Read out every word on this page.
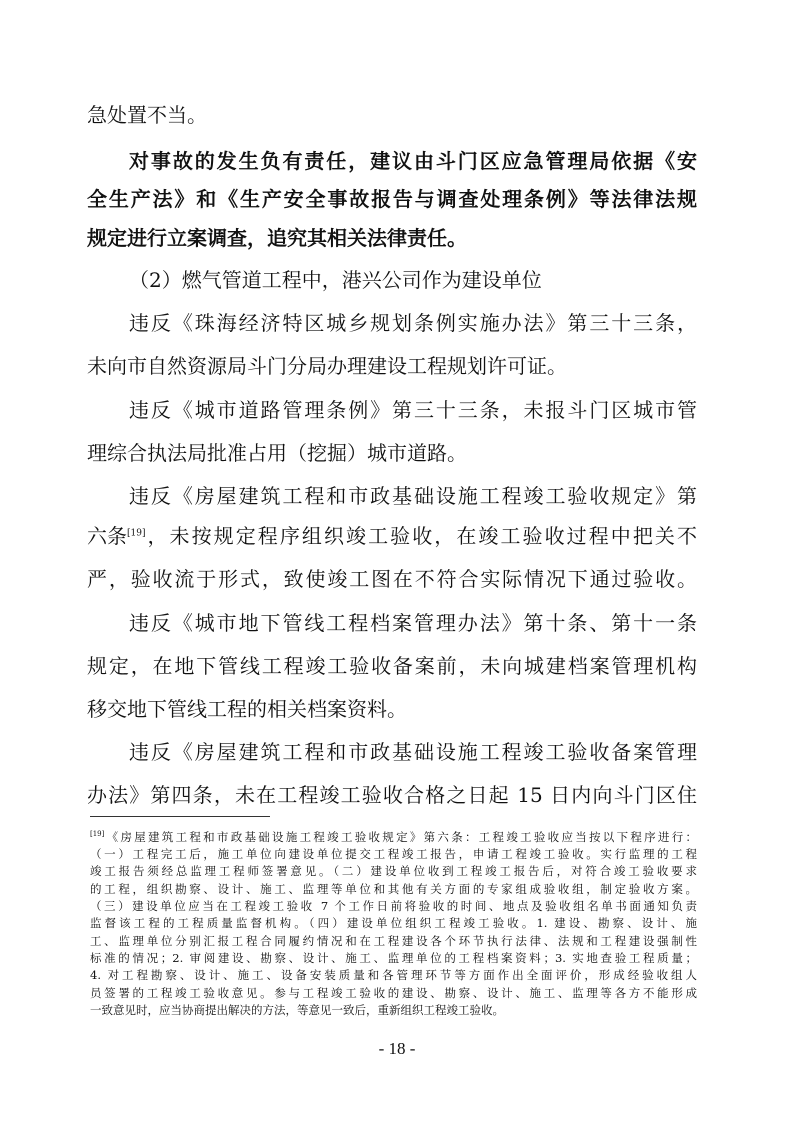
急处置不当。
对事故的发生负有责任，建议由斗门区应急管理局依据《安
全生产法》和《生产安全事故报告与调查处理条例》等法律法规
规定进行立案调查，追究其相关法律责任。
（2）燃气管道工程中，港兴公司作为建设单位
违反《珠海经济特区城乡规划条例实施办法》第三十三条，
未向市自然资源局斗门分局办理建设工程规划许可证。
违反《城市道路管理条例》第三十三条，未报斗门区城市管
理综合执法局批准占用（挖掘）城市道路。
违反《房屋建筑工程和市政基础设施工程竣工验收规定》第
六条[19] ，未按规定程序组织竣工验收，在竣工验收过程中把关不
严，验收流于形式，致使竣工图在不符合实际情况下通过验收。
违反《城市地下管线工程档案管理办法》第十条、第十一条
规定，在地下管线工程竣工验收备案前，未向城建档案管理机构
移交地下管线工程的相关档案资料。
违反《房屋建筑工程和市政基础设施工程竣工验收备案管理
办法》第四条，未在工程竣工验收合格之日起 15 日内向斗门区住
[19]《房屋建筑工程和市政基础设施工程竣工验收规定》第六条：工程竣工验收应当按以下程序进行：
（一）工程完工后，施工单位向建设单位提交工程竣工报告，申请工程竣工验收。实行监理的工程
竣工报告须经总监理工程师签署意见。（二）建设单位收到工程竣工报告后，对符合竣工验收要求
的工程，组织勘察、设计、施工、监理等单位和其他有关方面的专家组成验收组，制定验收方案。
（三）建设单位应当在工程竣工验收 7 个工作日前将验收的时间、地点及验收组名单书面通知负责
监督该工程的工程质量监督机构。（四）建设单位组织工程竣工验收。1. 建设、勘察、设计、施
工、监理单位分别汇报工程合同履约情况和在工程建设各个环节执行法律、法规和工程建设强制性
标准的情况；2. 审阅建设、勘察、设计、施工、监理单位的工程档案资料；3. 实地查验工程质量；
4. 对工程勘察、设计、施工、设备安装质量和各管理环节等方面作出全面评价，形成经验收组人
员签署的工程竣工验收意见。参与工程竣工验收的建设、勘察、设计、施工、监理等各方不能形成
一致意见时，应当协商提出解决的方法，等意见一致后，重新组织工程竣工验收。
- 18 -
